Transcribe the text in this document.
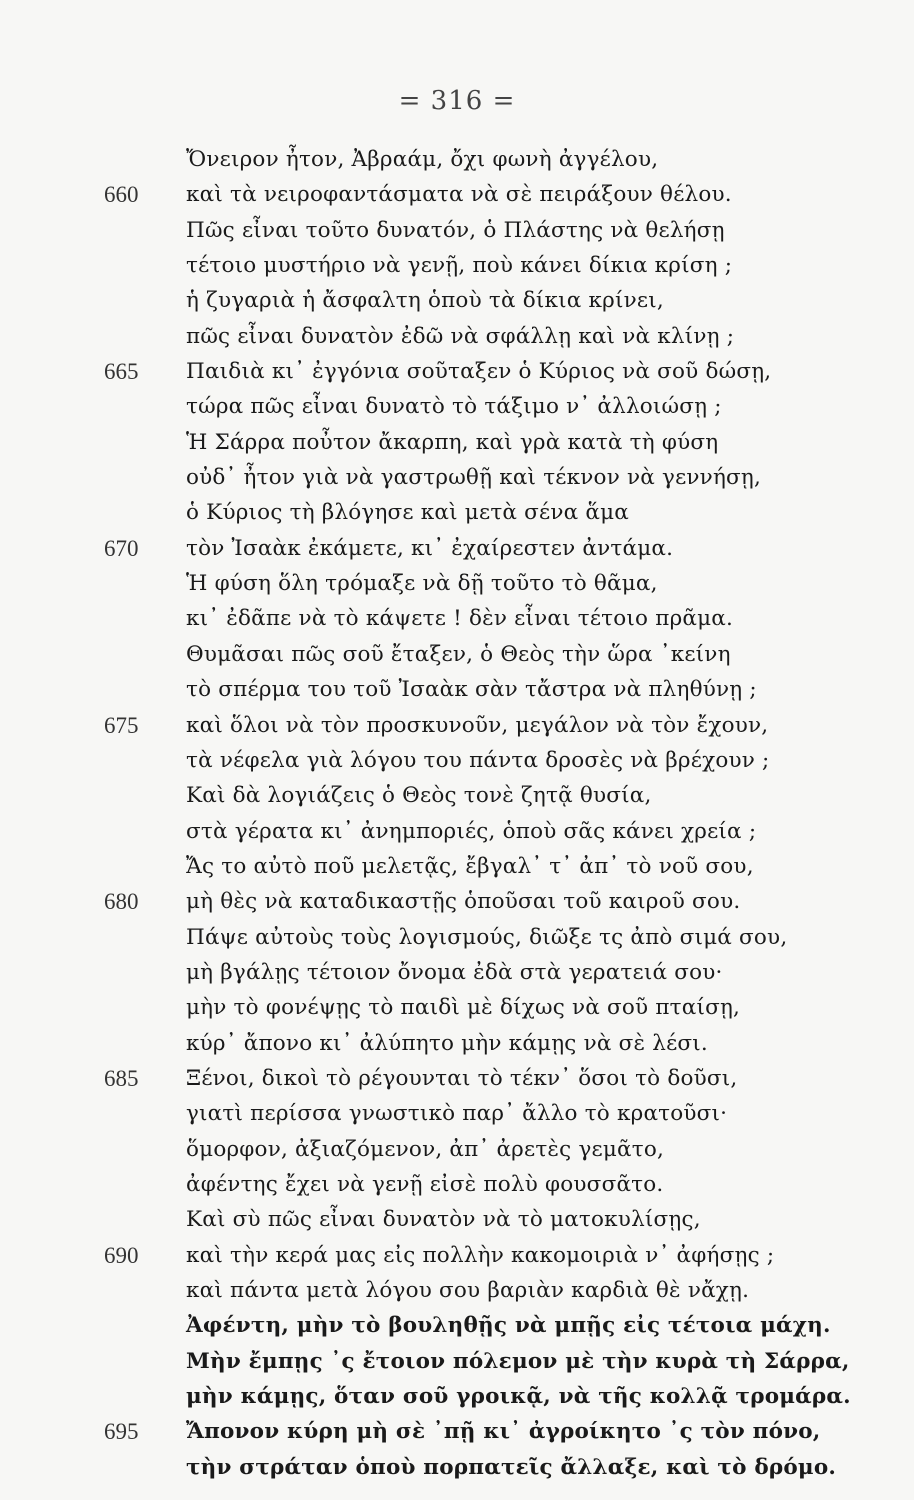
= 316 =
Ὄνειρον ἦτον, Ἀβραάμ, ὄχι φωνὴ ἀγγέλου,
660 καὶ τὰ νειροφαντάσματα νὰ σὲ πειράξουν θέλου.
Πῶς εἶναι τοῦτο δυνατόν, ὁ Πλάστης νὰ θελήσῃ
τέτοιο μυστήριο νὰ γενῇ, ποὺ κάνει δίκια κρίση ;
ἡ ζυγαριὰ ἡ ἄσφαλτη ὁποὺ τὰ δίκια κρίνει,
πῶς εἶναι δυνατὸν ἐδῶ νὰ σφάλλῃ καὶ νὰ κλίνῃ ;
665 Παιδιὰ κι᾿ ἐγγόνια σοῦταξεν ὁ Κύριος νὰ σοῦ δώσῃ,
τώρα πῶς εἶναι δυνατὸ τὸ τάξιμο ν᾿ ἀλλοιώσῃ ;
Ἡ Σάρρα ποὖτον ἄκαρπη, καὶ γρὰ κατὰ τὴ φύση
οὐδ᾿ ἦτον γιὰ νὰ γαστρωθῇ καὶ τέκνον νὰ γεννήσῃ,
ὁ Κύριος τὴ βλόγησε καὶ μετὰ σένα ἅμα
670 τὸν Ἰσαὰκ ἐκάμετε, κι᾿ ἐχαίρεστεν ἀντάμα.
Ἡ φύση ὅλη τρόμαξε νὰ δῇ τοῦτο τὸ θᾶμα,
κι᾿ ἐδᾶπε νὰ τὸ κάψετε ! δὲν εἶναι τέτοιο πρᾶμα.
Θυμᾶσαι πῶς σοῦ ἔταξεν, ὁ Θεὸς τὴν ὥρα ᾿κείνη
τὸ σπέρμα του τοῦ Ἰσαὰκ σὰν τἄστρα νὰ πληθύνῃ ;
675 καὶ ὅλοι νὰ τὸν προσκυνοῦν, μεγάλον νὰ τὸν ἔχουν,
τὰ νέφελα γιὰ λόγου του πάντα δροσὲς νὰ βρέχουν ;
Καὶ δὰ λογιάζεις ὁ Θεὸς τονὲ ζητᾷ θυσία,
στὰ γέρατα κι᾿ ἀνημποριές, ὁποὺ σᾶς κάνει χρεία ;
Ἄς το αὐτὸ ποῦ μελετᾷς, ἔβγαλ᾿ τ᾿ ἀπ᾿ τὸ νοῦ σου,
680 μὴ θὲς νὰ καταδικαστῇς ὁποῦσαι τοῦ καιροῦ σου.
Πάψε αὐτοὺς τοὺς λογισμούς, διῶξε τς ἀπὸ σιμά σου,
μὴ βγάλῃς τέτοιον ὄνομα ἐδὰ στὰ γερατειά σου·
μὴν τὸ φονέψῃς τὸ παιδὶ μὲ δίχως νὰ σοῦ πταίσῃ,
κύρ᾿ ἄπονο κι᾿ ἀλύπητο μὴν κάμῃς νὰ σὲ λέσι.
685 Ξένοι, δικοὶ τὸ ρέγουνται τὸ τέκν᾿ ὅσοι τὸ δοῦσι,
γιατὶ περίσσα γνωστικὸ παρ᾿ ἄλλο τὸ κρατοῦσι·
ὅμορφον, ἀξιαζόμενον, ἀπ᾿ ἀρετὲς γεμᾶτο,
ἀφέντης ἔχει νὰ γενῇ εἰσὲ πολὺ φουσσᾶτο.
Καὶ σὺ πῶς εἶναι δυνατὸν νὰ τὸ ματοκυλίσῃς,
690 καὶ τὴν κερά μας εἰς πολλὴν κακομοιριὰ ν᾿ ἀφήσῃς ;
καὶ πάντα μετὰ λόγου σου βαριὰν καρδιὰ θὲ νἄχῃ.
Ἀφέντη, μὴν τὸ βουληθῇς νὰ μπῇς εἰς τέτοια μάχη.
Μὴν ἔμπῃς ᾿ς ἔτοιον πόλεμον μὲ τὴν κυρὰ τὴ Σάρρα,
μὴν κάμῃς, ὅταν σοῦ γροικᾷ, νὰ τῆς κολλᾷ τρομάρα.
695 Ἄπονον κύρη μὴ σὲ ᾿πῇ κι᾿ ἀγροίκητο ᾿ς τὸν πόνο,
τὴν στράταν ὁποὺ πορπατεῖς ἄλλαξε, καὶ τὸ δρόμο.
